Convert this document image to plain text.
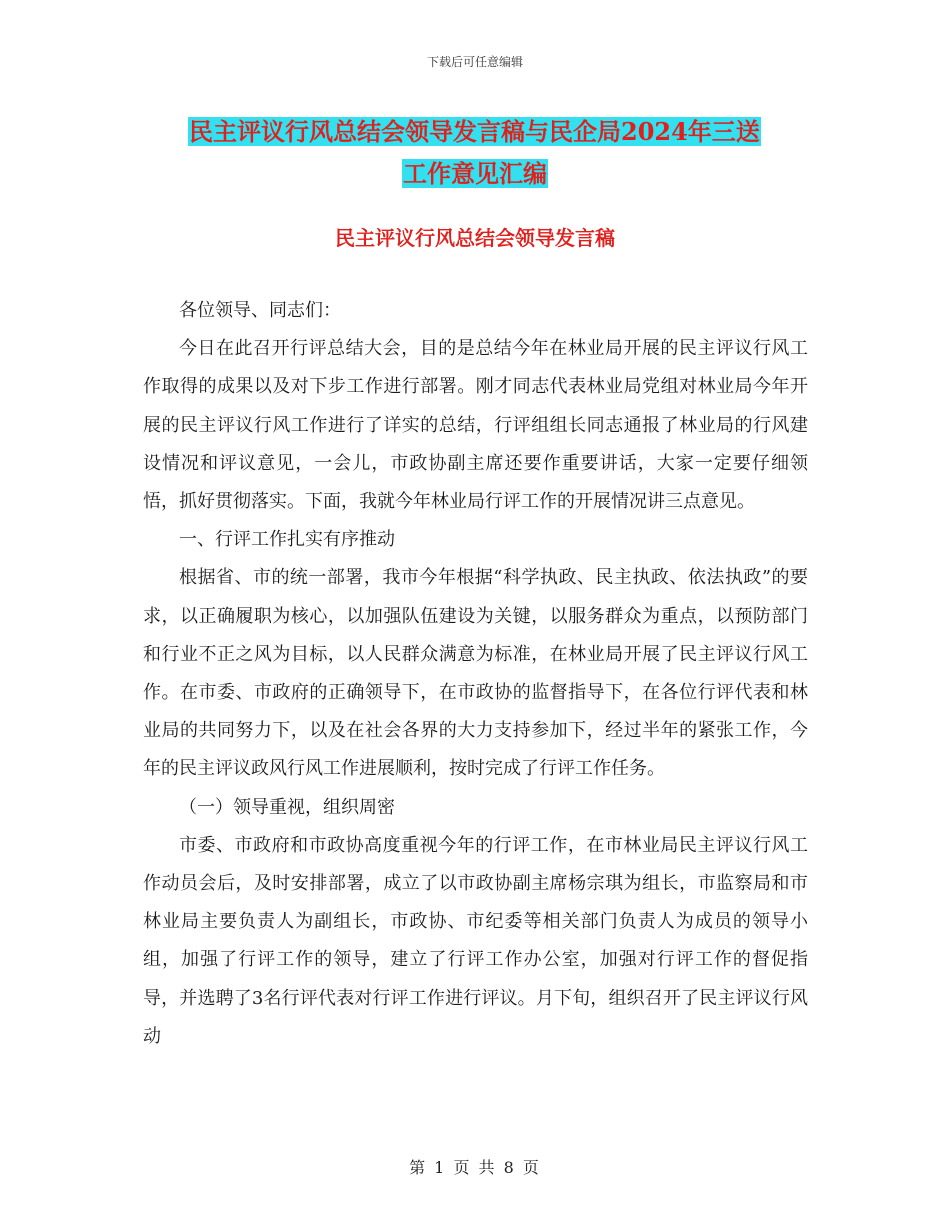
下载后可任意编辑
民主评议行风总结会领导发言稿与民企局2024年三送
工作意见汇编
民主评议行风总结会领导发言稿

各位领导、同志们：

今日在此召开行评总结大会，目的是总结今年在林业局开展的民主评议行风工作取得的成果以及对下步工作进行部署。刚才同志代表林业局党组对林业局今年开展的民主评议行风工作进行了详实的总结，行评组组长同志通报了林业局的行风建设情况和评议意见，一会儿，市政协副主席还要作重要讲话，大家一定要仔细领悟，抓好贯彻落实。下面，我就今年林业局行评工作的开展情况讲三点意见。

一、行评工作扎实有序推动

根据省、市的统一部署，我市今年根据“科学执政、民主执政、依法执政”的要求，以正确履职为核心，以加强队伍建设为关键，以服务群众为重点，以预防部门和行业不正之风为目标，以人民群众满意为标准，在林业局开展了民主评议行风工作。在市委、市政府的正确领导下，在市政协的监督指导下，在各位行评代表和林业局的共同努力下，以及在社会各界的大力支持参加下，经过半年的紧张工作，今年的民主评议政风行风工作进展顺利，按时完成了行评工作任务。

（一）领导重视，组织周密

市委、市政府和市政协高度重视今年的行评工作，在市林业局民主评议行风工作动员会后，及时安排部署，成立了以市政协副主席杨宗琪为组长，市监察局和市林业局主要负责人为副组长，市政协、市纪委等相关部门负责人为成员的领导小组，加强了行评工作的领导，建立了行评工作办公室，加强对行评工作的督促指导，并选聘了3名行评代表对行评工作进行评议。月下旬，组织召开了民主评议行风动

第 1 页 共 8 页
